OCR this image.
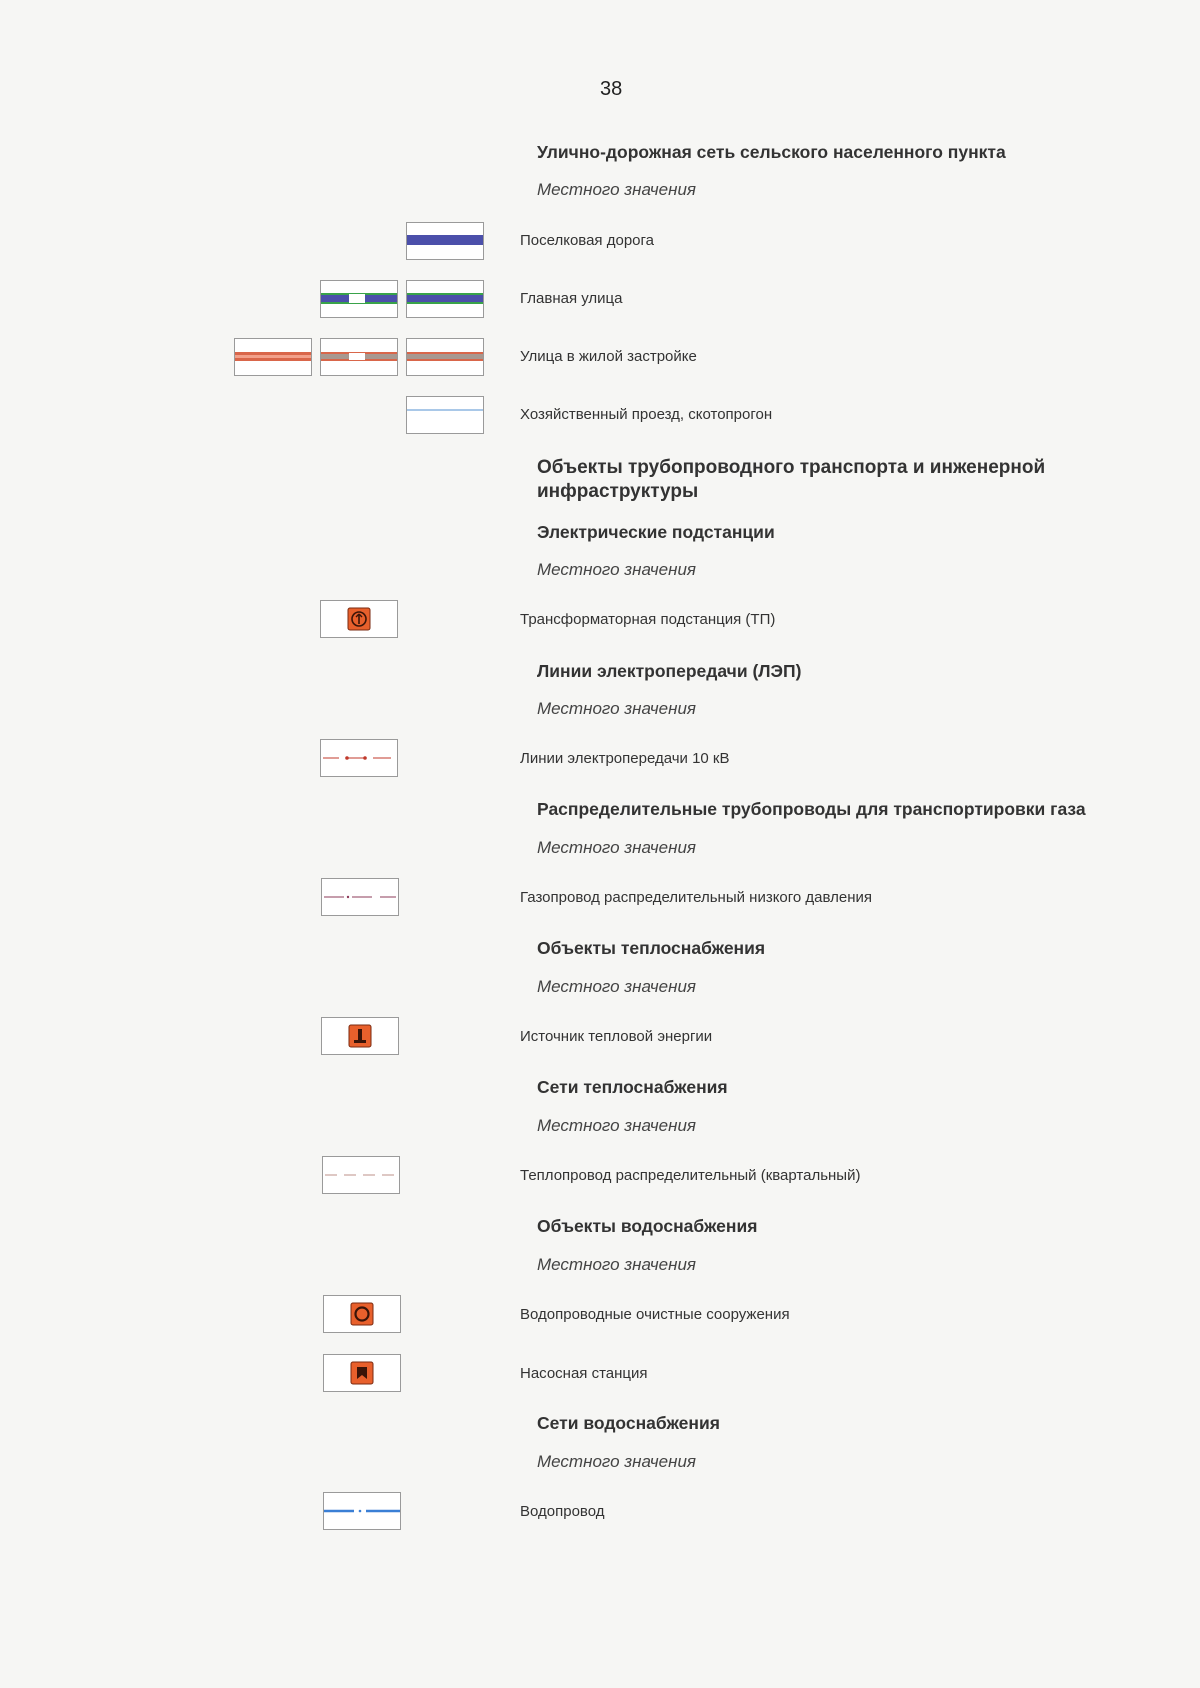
38
Улично-дорожная сеть сельского населенного пункта
Местного значения
Поселковая дорога
Главная улица
Улица в жилой застройке
Хозяйственный проезд, скотопрогон
Объекты трубопроводного транспорта и инженерной инфраструктуры
Электрические подстанции
Местного значения
Трансформаторная подстанция (ТП)
Линии электропередачи (ЛЭП)
Местного значения
Линии электропередачи 10 кВ
Распределительные трубопроводы для транспортировки газа
Местного значения
Газопровод распределительный низкого давления
Объекты теплоснабжения
Местного значения
Источник тепловой энергии
Сети теплоснабжения
Местного значения
Теплопровод распределительный (квартальный)
Объекты водоснабжения
Местного значения
Водопроводные очистные сооружения
Насосная станция
Сети водоснабжения
Местного значения
Водопровод
